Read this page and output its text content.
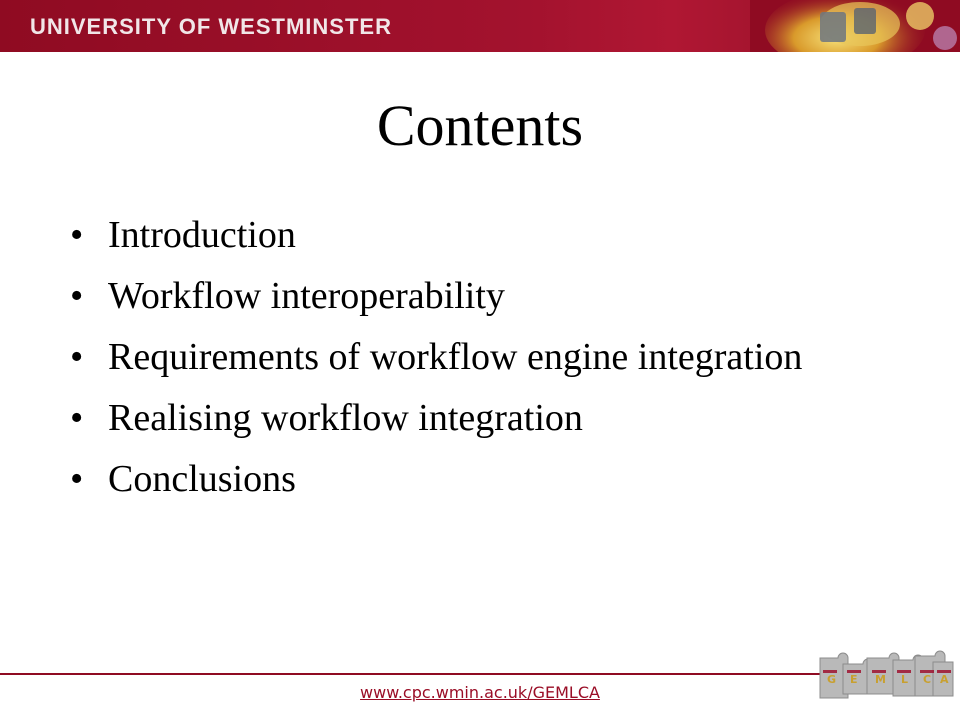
UNIVERSITY OF WESTMINSTER
Contents
• Introduction
• Workflow interoperability
• Requirements of workflow engine integration
• Realising workflow integration
• Conclusions
www.cpc.wmin.ac.uk/GEMLCA
G E M L C A
